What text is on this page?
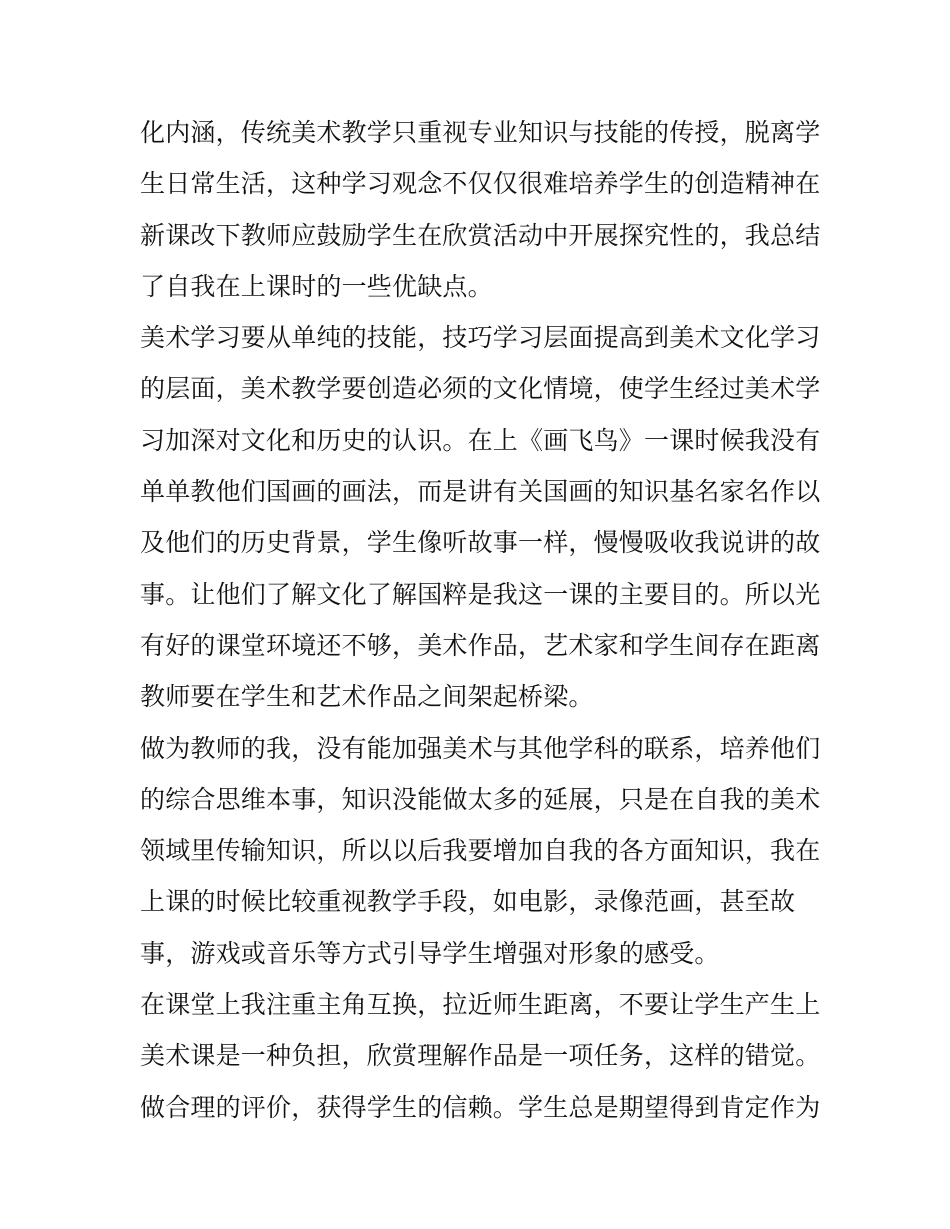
化内涵，传统美术教学只重视专业知识与技能的传授，脱离学
生日常生活，这种学习观念不仅仅很难培养学生的创造精神在
新课改下教师应鼓励学生在欣赏活动中开展探究性的，我总结
了自我在上课时的一些优缺点。
美术学习要从单纯的技能，技巧学习层面提高到美术文化学习
的层面，美术教学要创造必须的文化情境，使学生经过美术学
习加深对文化和历史的认识。在上《画飞鸟》一课时候我没有
单单教他们国画的画法，而是讲有关国画的知识基名家名作以
及他们的历史背景，学生像听故事一样，慢慢吸收我说讲的故
事。让他们了解文化了解国粹是我这一课的主要目的。所以光
有好的课堂环境还不够，美术作品，艺术家和学生间存在距离
教师要在学生和艺术作品之间架起桥梁。
做为教师的我，没有能加强美术与其他学科的联系，培养他们
的综合思维本事，知识没能做太多的延展，只是在自我的美术
领域里传输知识，所以以后我要增加自我的各方面知识，我在
上课的时候比较重视教学手段，如电影，录像范画，甚至故
事，游戏或音乐等方式引导学生增强对形象的感受。
在课堂上我注重主角互换，拉近师生距离，不要让学生产生上
美术课是一种负担，欣赏理解作品是一项任务，这样的错觉。
做合理的评价，获得学生的信赖。学生总是期望得到肯定作为
